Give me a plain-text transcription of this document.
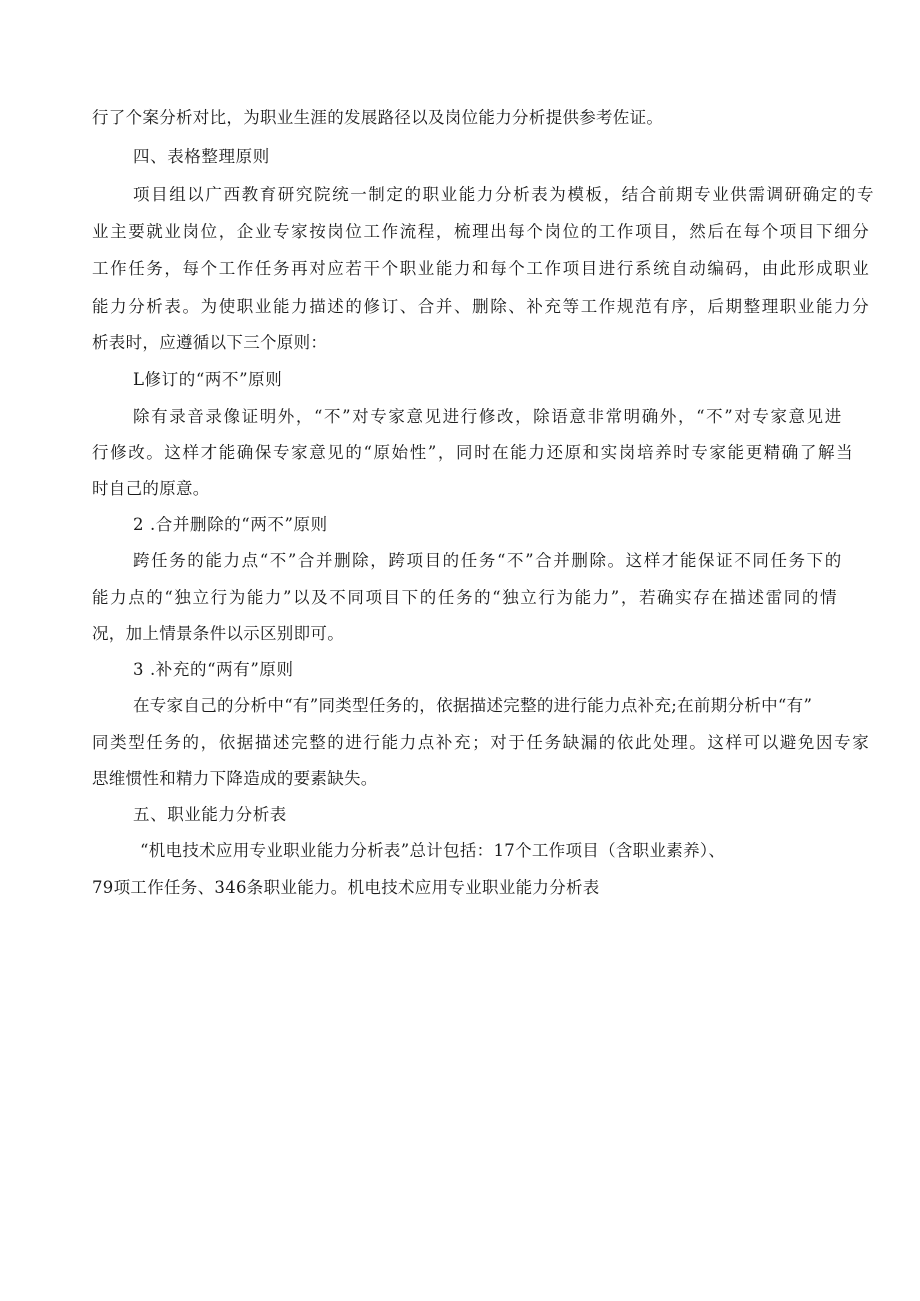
行了个案分析对比，为职业生涯的发展路径以及岗位能力分析提供参考佐证。
四、表格整理原则
项目组以广西教育研究院统一制定的职业能力分析表为模板，结合前期专业供需调研确定的专
业主要就业岗位，企业专家按岗位工作流程，梳理出每个岗位的工作项目，然后在每个项目下细分
工作任务，每个工作任务再对应若干个职业能力和每个工作项目进行系统自动编码，由此形成职业
能力分析表。为使职业能力描述的修订、合并、删除、补充等工作规范有序，后期整理职业能力分
析表时，应遵循以下三个原则：
L修订的“两不”原则
除有录音录像证明外，“不”对专家意见进行修改，除语意非常明确外，“不”对专家意见进
行修改。这样才能确保专家意见的“原始性”，同时在能力还原和实岗培养时专家能更精确了解当
时自己的原意。
2 .合并删除的“两不”原则
跨任务的能力点“不”合并删除，跨项目的任务“不”合并删除。这样才能保证不同任务下的
能力点的“独立行为能力”以及不同项目下的任务的“独立行为能力”，若确实存在描述雷同的情
况，加上情景条件以示区别即可。
3 .补充的“两有”原则
在专家自己的分析中“有”同类型任务的，依据描述完整的进行能力点补充;在前期分析中“有”
同类型任务的，依据描述完整的进行能力点补充；对于任务缺漏的依此处理。这样可以避免因专家
思维惯性和精力下降造成的要素缺失。
五、职业能力分析表
“机电技术应用专业职业能力分析表”总计包括：17个工作项目（含职业素养）、
79项工作任务、346条职业能力。机电技术应用专业职业能力分析表
